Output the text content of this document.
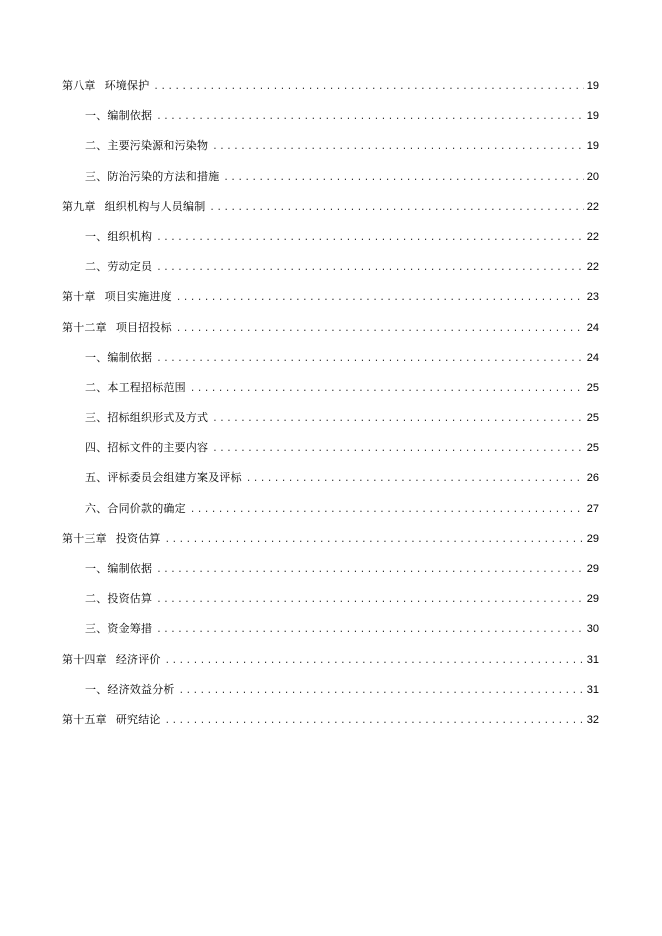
第八章 环境保护 .....	19
一、编制依据 .....	19
二、主要污染源和污染物 .....	19
三、防治污染的方法和措施 .....	20
第九章 组织机构与人员编制 .....	22
一、组织机构 .....	22
二、劳动定员 .....	22
第十章 项目实施进度 .....	23
第十二章 项目招投标 .....	24
一、编制依据 .....	24
二、本工程招标范围 .....	25
三、招标组织形式及方式 .....	25
四、招标文件的主要内容 .....	25
五、评标委员会组建方案及评标 .....	26
六、合同价款的确定 .....	27
第十三章 投资估算 .....	29
一、编制依据 .....	29
二、投资估算 .....	29
三、资金筹措 .....	30
第十四章 经济评价 .....	31
一、经济效益分析 .....	31
第十五章 研究结论 .....	32
